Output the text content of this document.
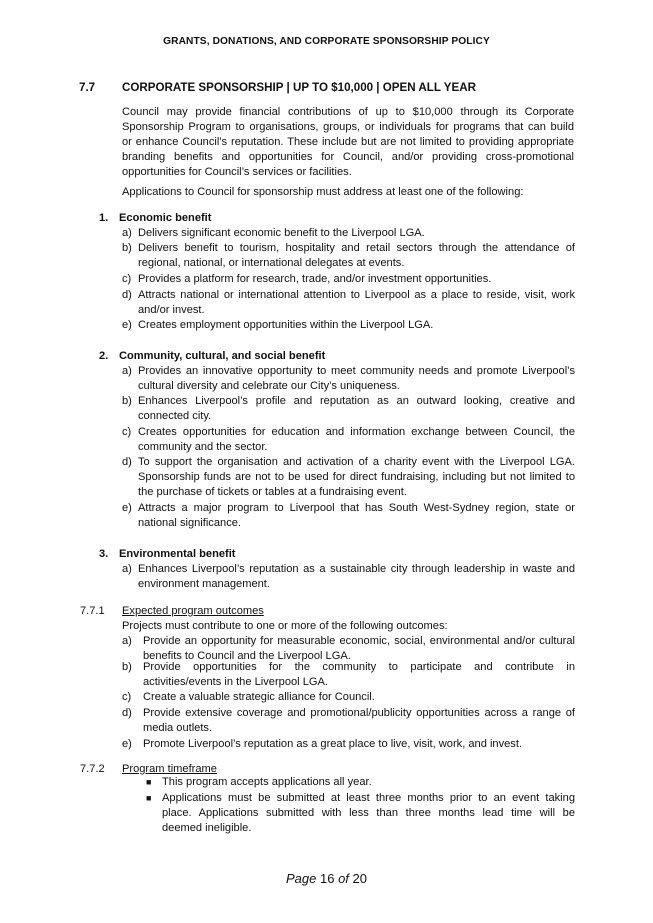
GRANTS, DONATIONS, AND CORPORATE SPONSORSHIP POLICY
7.7 CORPORATE SPONSORSHIP | UP TO $10,000 | OPEN ALL YEAR
Council may provide financial contributions of up to $10,000 through its Corporate
Sponsorship Program to organisations, groups, or individuals for programs that can build
or enhance Council’s reputation. These include but are not limited to providing appropriate
branding benefits and opportunities for Council, and/or providing cross-promotional
opportunities for Council’s services or facilities.
Applications to Council for sponsorship must address at least one of the following:
1. Economic benefit
a) Delivers significant economic benefit to the Liverpool LGA.
b) Delivers benefit to tourism, hospitality and retail sectors through the attendance of
regional, national, or international delegates at events.
c) Provides a platform for research, trade, and/or investment opportunities.
d) Attracts national or international attention to Liverpool as a place to reside, visit, work
and/or invest.
e) Creates employment opportunities within the Liverpool LGA.
2. Community, cultural, and social benefit
a) Provides an innovative opportunity to meet community needs and promote Liverpool’s
cultural diversity and celebrate our City’s uniqueness.
b) Enhances Liverpool’s profile and reputation as an outward looking, creative and
connected city.
c) Creates opportunities for education and information exchange between Council, the
community and the sector.
d) To support the organisation and activation of a charity event with the Liverpool LGA.
Sponsorship funds are not to be used for direct fundraising, including but not limited to
the purchase of tickets or tables at a fundraising event.
e) Attracts a major program to Liverpool that has South West-Sydney region, state or
national significance.
3. Environmental benefit
a) Enhances Liverpool’s reputation as a sustainable city through leadership in waste and
environment management.
7.7.1 Expected program outcomes
Projects must contribute to one or more of the following outcomes:
a) Provide an opportunity for measurable economic, social, environmental and/or cultural
benefits to Council and the Liverpool LGA.
b) Provide opportunities for the community to participate and contribute in
activities/events in the Liverpool LGA.
c) Create a valuable strategic alliance for Council.
d) Provide extensive coverage and promotional/publicity opportunities across a range of
media outlets.
e) Promote Liverpool’s reputation as a great place to live, visit, work, and invest.
7.7.2 Program timeframe
■ This program accepts applications all year.
■ Applications must be submitted at least three months prior to an event taking
place. Applications submitted with less than three months lead time will be
deemed ineligible.
Page 16 of 20
